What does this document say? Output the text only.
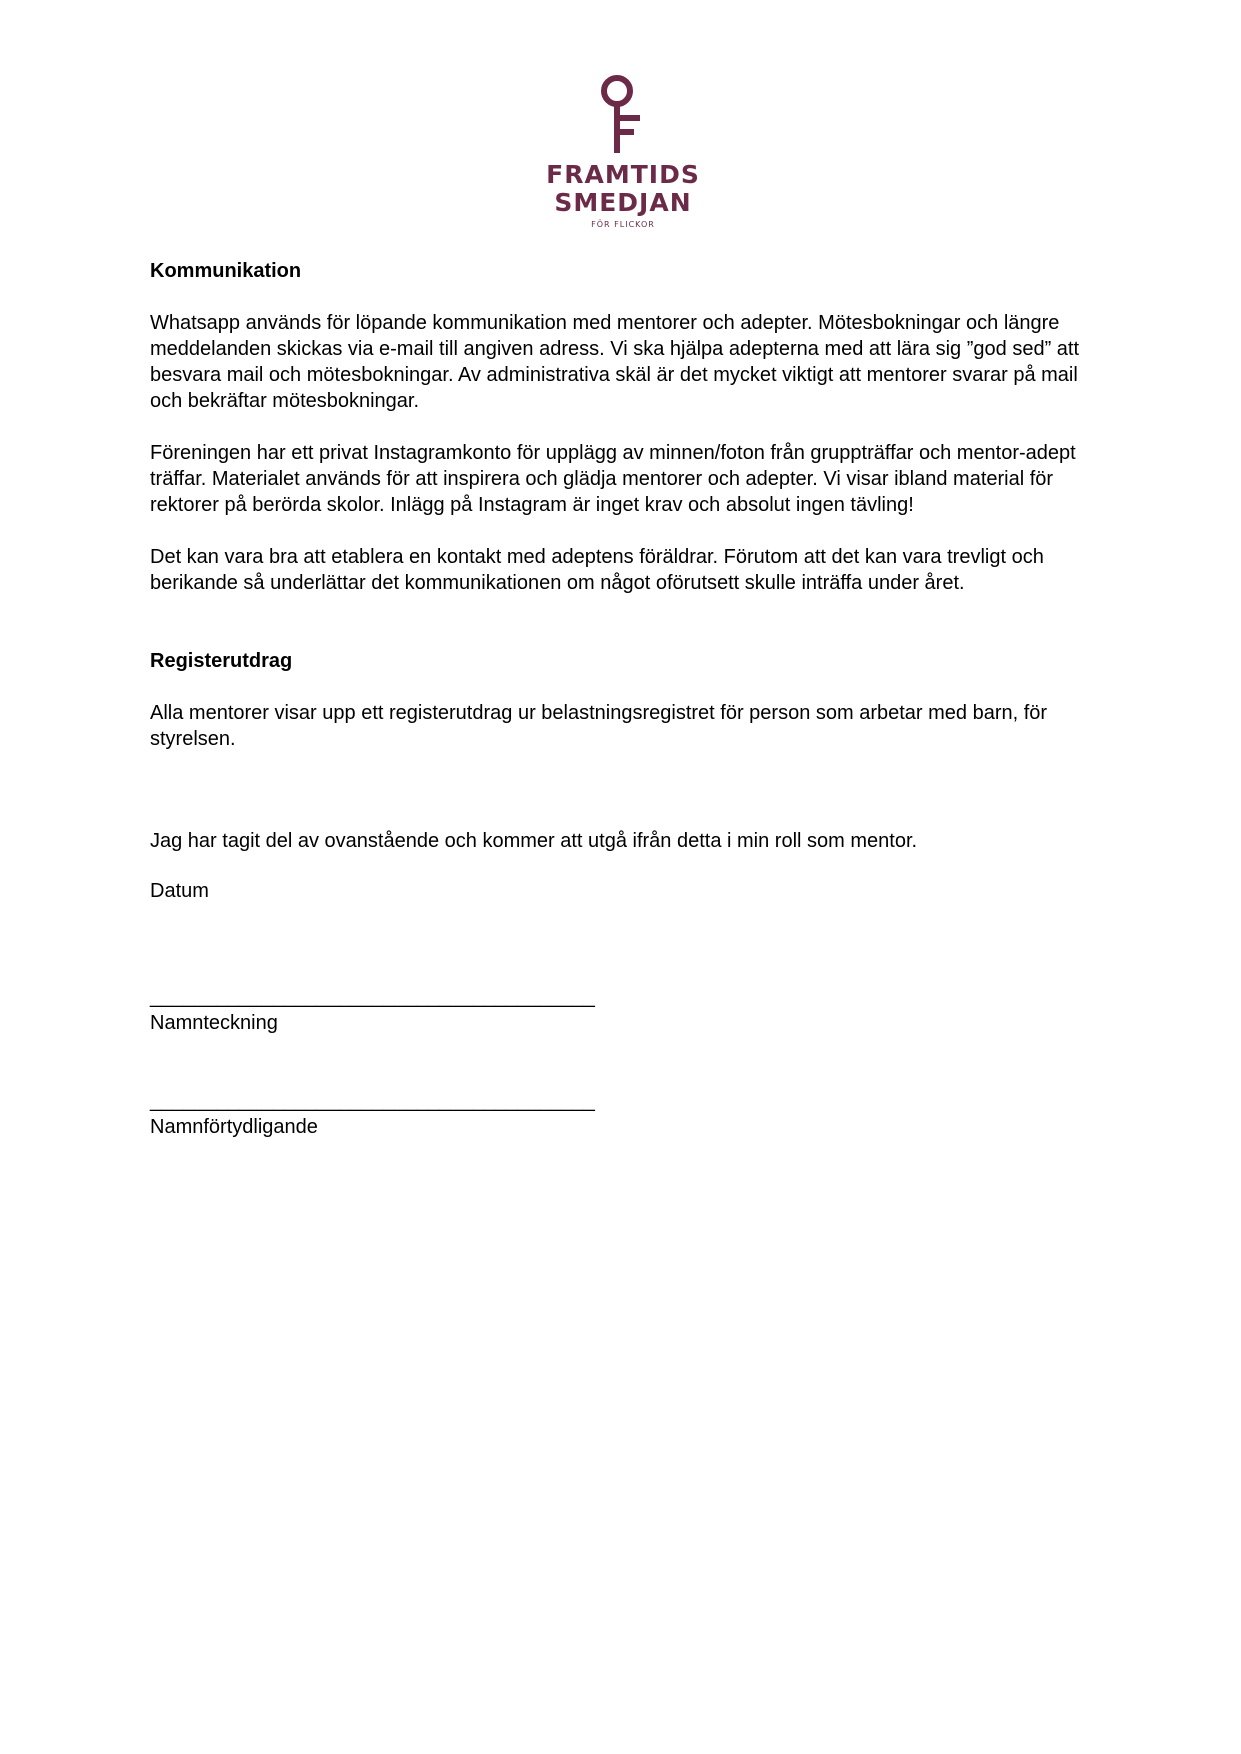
FRAMTIDS
SMEDJAN
FÖR FLICKOR

Kommunikation

Whatsapp används för löpande kommunikation med mentorer och adepter. Mötesbokningar och längre meddelanden skickas via e-mail till angiven adress. Vi ska hjälpa adepterna med att lära sig ”god sed” att besvara mail och mötesbokningar. Av administrativa skäl är det mycket viktigt att mentorer svarar på mail och bekräftar mötesbokningar.

Föreningen har ett privat Instagramkonto för upplägg av minnen/foton från gruppträffar och mentor-adept träffar. Materialet används för att inspirera och glädja mentorer och adepter. Vi visar ibland material för rektorer på berörda skolor. Inlägg på Instagram är inget krav och absolut ingen tävling!

Det kan vara bra att etablera en kontakt med adeptens föräldrar. Förutom att det kan vara trevligt och berikande så underlättar det kommunikationen om något oförutsett skulle inträffa under året.

Registerutdrag

Alla mentorer visar upp ett registerutdrag ur belastningsregistret för person som arbetar med barn, för styrelsen.

Jag har tagit del av ovanstående och kommer att utgå ifrån detta i min roll som mentor.

Datum

________________________________________

Namnteckning

________________________________________

Namnförtydligande
